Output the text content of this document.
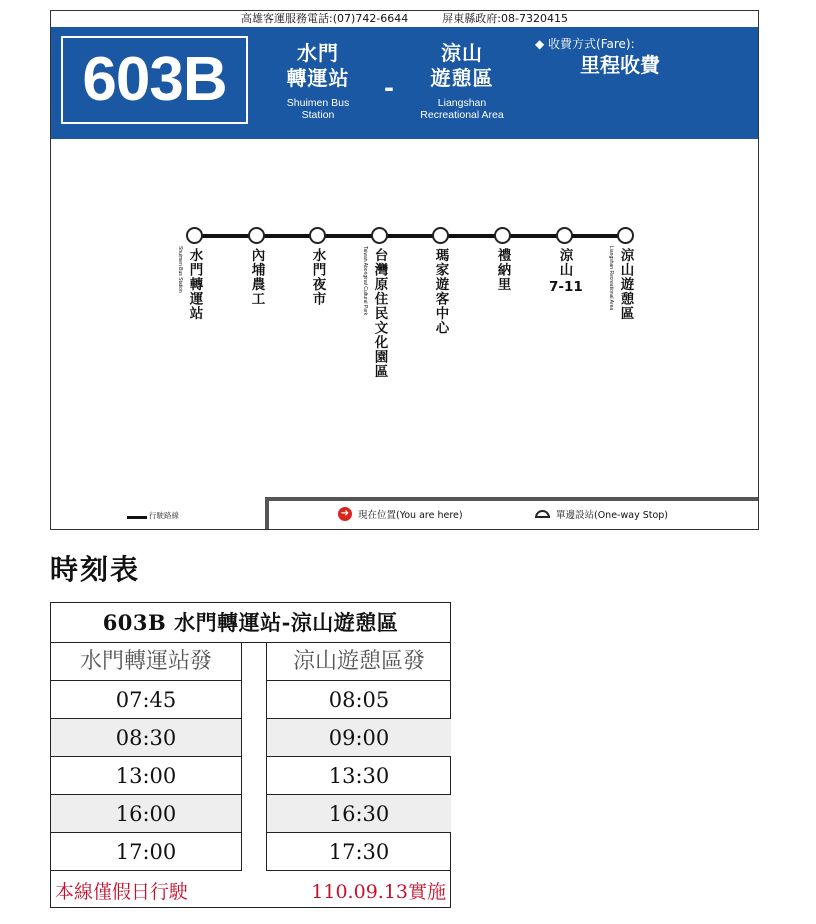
高雄客運服務電話:(07)742-6644	屏東縣政府:08-7320415
603B	水門
轉運站
Shuimen Bus
Station
-
涼山
遊憩區
Liangshan
Recreational Area
◆ 收費方式(Fare):
里程收費
水門轉運站
Shuimen Bus Station	內埔農工	水門夜市	台灣原住民文化園區
Taiwan Aboriginal Cultural Park	瑪家遊客中心	禮納里	涼山
7-11	涼山遊憩區
Liangshan Recreational Area
行駛路線	➜ 現在位置(You are here)	單邊設站(One-way Stop)
時刻表
603B 水門轉運站-涼山遊憩區
水門轉運站發	涼山遊憩區發
07:45	08:05
08:30	09:00
13:00	13:30
16:00	16:30
17:00	17:30
本線僅假日行駛	110.09.13實施
